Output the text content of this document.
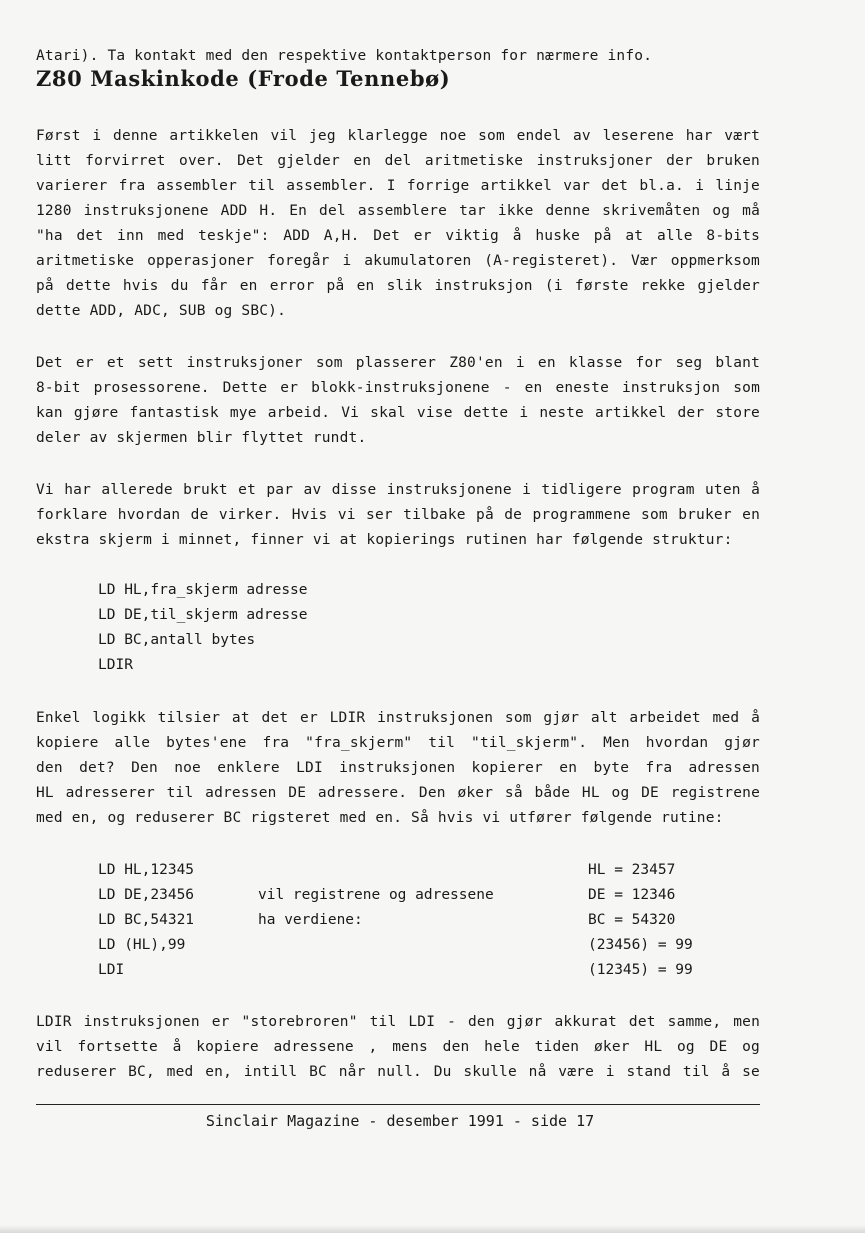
Atari). Ta kontakt med den respektive kontaktperson for nærmere info.
Z80 Maskinkode (Frode Tennebø)
Først i denne artikkelen vil jeg klarlegge noe som endel av leserene har vært
litt forvirret over. Det gjelder en del aritmetiske instruksjoner der bruken
varierer fra assembler til assembler. I forrige artikkel var det bl.a. i linje
1280 instruksjonene ADD H. En del assemblere tar ikke denne skrivemåten og må
"ha det inn med teskje": ADD A,H. Det er viktig å huske på at alle 8-bits
aritmetiske opperasjoner foregår i akumulatoren (A-registeret). Vær oppmerksom
på dette hvis du får en error på en slik instruksjon (i første rekke gjelder
dette ADD, ADC, SUB og SBC).
Det er et sett instruksjoner som plasserer Z80'en i en klasse for seg blant
8-bit prosessorene. Dette er blokk-instruksjonene - en eneste instruksjon som
kan gjøre fantastisk mye arbeid. Vi skal vise dette i neste artikkel der store
deler av skjermen blir flyttet rundt.
Vi har allerede brukt et par av disse instruksjonene i tidligere program uten å
forklare hvordan de virker. Hvis vi ser tilbake på de programmene som bruker en
ekstra skjerm i minnet, finner vi at kopierings rutinen har følgende struktur:
LD HL,fra_skjerm adresse
LD DE,til_skjerm adresse
LD BC,antall bytes
LDIR
Enkel logikk tilsier at det er LDIR instruksjonen som gjør alt arbeidet med å
kopiere alle bytes'ene fra "fra_skjerm" til "til_skjerm". Men hvordan gjør
den det? Den noe enklere LDI instruksjonen kopierer en byte fra adressen
HL adresserer til adressen DE adressere. Den øker så både HL og DE registrene
med en, og reduserer BC rigsteret med en. Så hvis vi utfører følgende rutine:
LD HL,12345
LD DE,23456
LD BC,54321
LD (HL),99
LDI
vil registrene og adressene
ha verdiene:
HL = 23457
DE = 12346
BC = 54320
(23456) = 99
(12345) = 99
LDIR instruksjonen er "storebroren" til LDI - den gjør akkurat det samme, men
vil fortsette å kopiere adressene , mens den hele tiden øker HL og DE og
reduserer BC, med en, intill BC når null. Du skulle nå være i stand til å se
Sinclair Magazine - desember 1991 - side 17
